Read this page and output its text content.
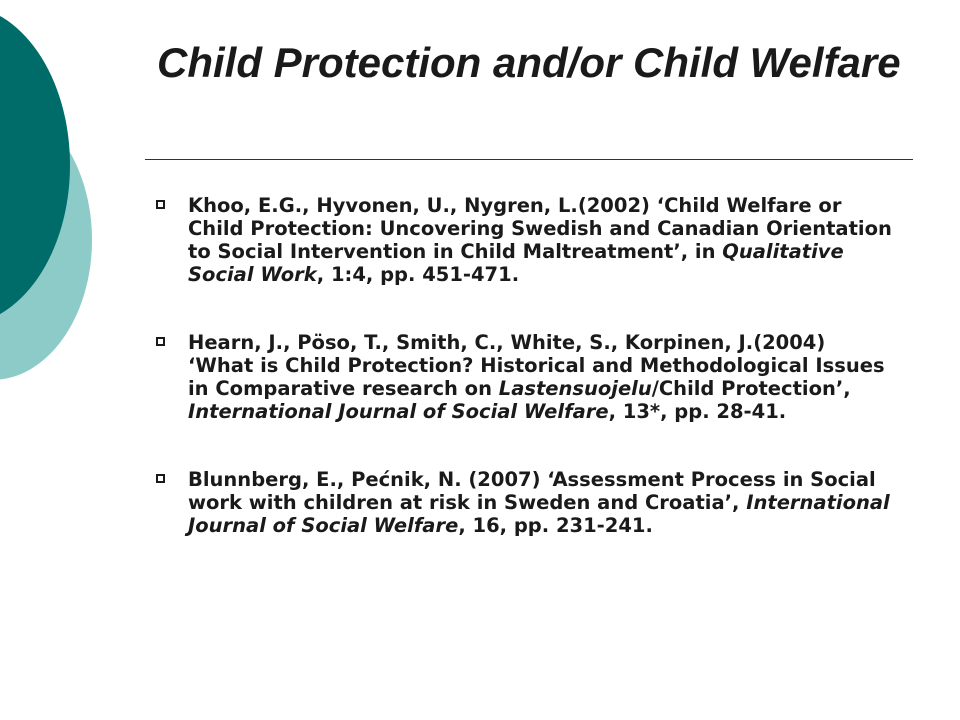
Child Protection and/or Child Welfare
Khoo, E.G., Hyvonen, U., Nygren, L.(2002) ‘Child Welfare or Child Protection: Uncovering Swedish and Canadian Orientation to Social Intervention in Child Maltreatment’, in Qualitative Social Work, 1:4, pp. 451-471.
Hearn, J., Pöso, T., Smith, C., White, S., Korpinen, J.(2004) ‘What is Child Protection? Historical and Methodological Issues in Comparative research on Lastensuojelu/Child Protection’, International Journal of Social Welfare, 13*, pp. 28-41.
Blunnberg, E., Pećnik, N. (2007) ‘Assessment Process in Social work with children at risk in Sweden and Croatia’, International Journal of Social Welfare, 16, pp. 231-241.
